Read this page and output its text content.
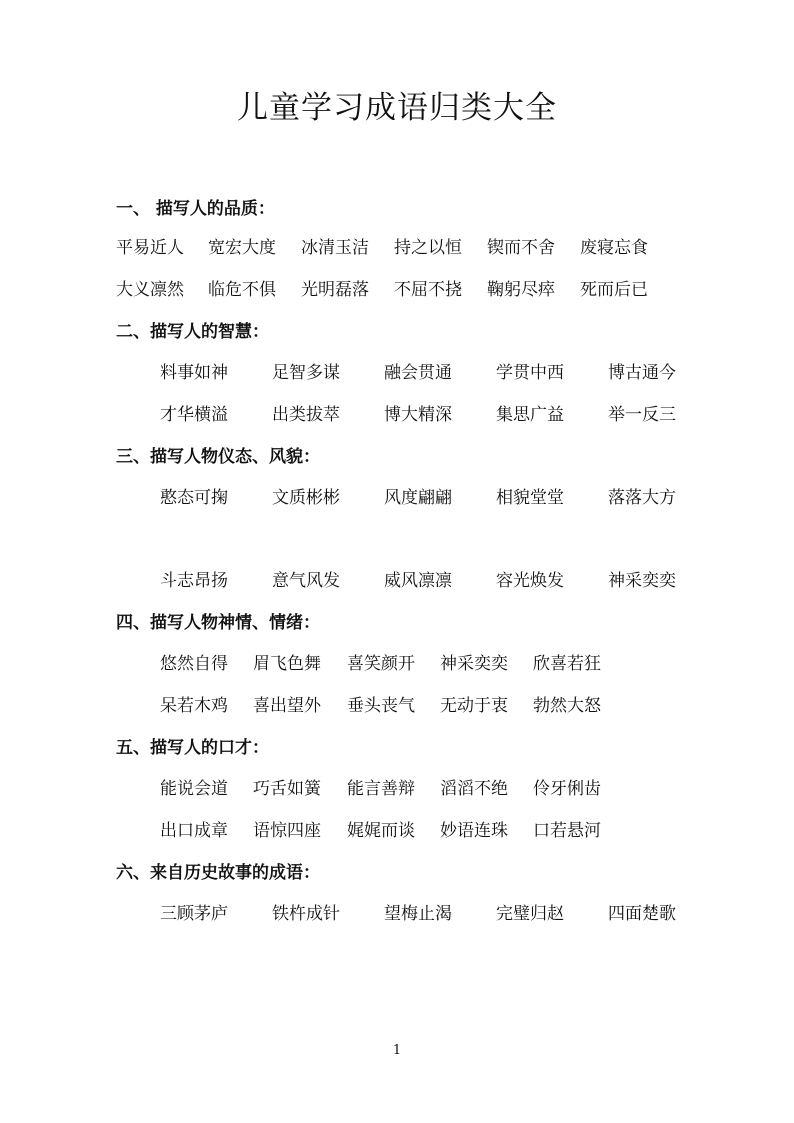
儿童学习成语归类大全
一、 描写人的品质：
平易近人 宽宏大度 冰清玉洁 持之以恒 锲而不舍 废寝忘食
大义凛然 临危不俱 光明磊落 不屈不挠 鞠躬尽瘁 死而后已
二、描写人的智慧：
料事如神	足智多谋	融会贯通	学贯中西	博古通今
才华横溢	出类拔萃	博大精深	集思广益	举一反三
三、描写人物仪态、风貌：
憨态可掬	文质彬彬	风度翩翩	相貌堂堂	落落大方
斗志昂扬	意气风发	威风凛凛	容光焕发	神采奕奕
四、描写人物神情、情绪：
悠然自得 眉飞色舞 喜笑颜开 神采奕奕 欣喜若狂
呆若木鸡 喜出望外 垂头丧气 无动于衷 勃然大怒
五、描写人的口才：
能说会道 巧舌如簧 能言善辩 滔滔不绝 伶牙俐齿
出口成章 语惊四座 娓娓而谈 妙语连珠 口若悬河
六、来自历史故事的成语：
三顾茅庐	铁杵成针	望梅止渴	完璧归赵	四面楚歌
1
